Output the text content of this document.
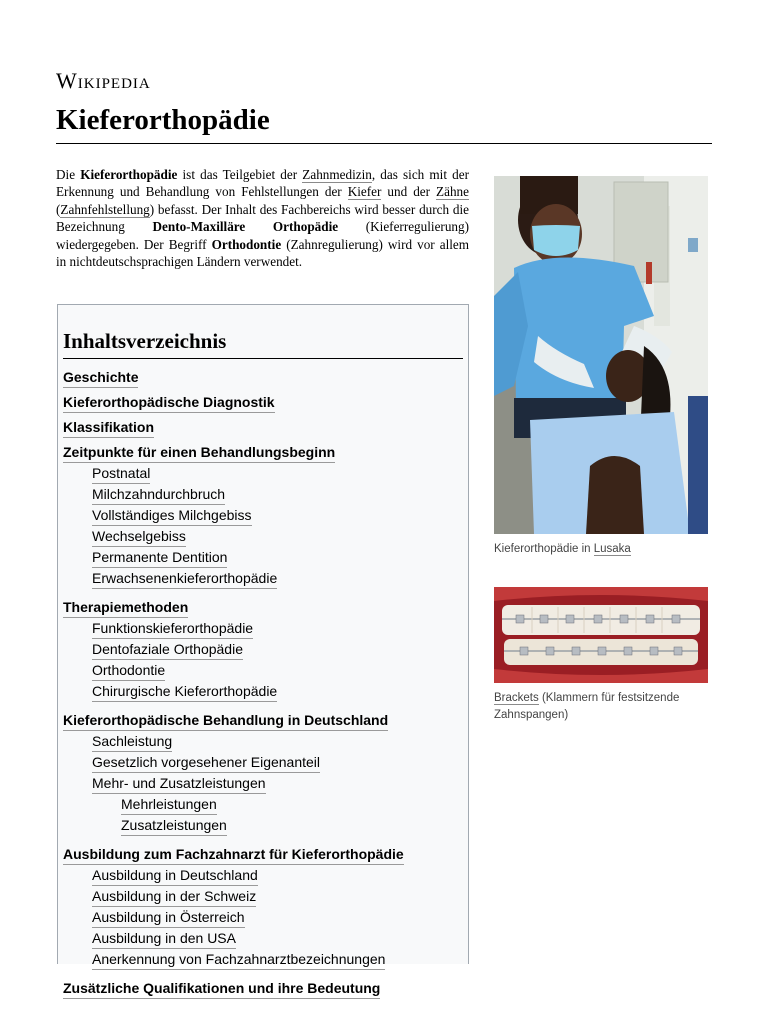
Wikipedia
Kieferorthopädie

Die Kieferorthopädie ist das Teilgebiet der Zahnmedizin, das sich mit der Erkennung und Behandlung von Fehlstellungen der Kiefer und der Zähne (Zahnfehlstellung) befasst. Der Inhalt des Fachbereichs wird besser durch die Bezeichnung Dento-Maxilläre Orthopädie (Kieferregulierung) wiedergegeben. Der Begriff Orthodontie (Zahnregulierung) wird vor allem in nichtdeutschsprachigen Ländern verwendet.

Inhaltsverzeichnis
Geschichte
Kieferorthopädische Diagnostik
Klassifikation
Zeitpunkte für einen Behandlungsbeginn
Postnatal
Milchzahndurchbruch
Vollständiges Milchgebiss
Wechselgebiss
Permanente Dentition
Erwachsenenkieferorthopädie
Therapiemethoden
Funktionskieferorthopädie
Dentofaziale Orthopädie
Orthodontie
Chirurgische Kieferorthopädie
Kieferorthopädische Behandlung in Deutschland
Sachleistung
Gesetzlich vorgesehener Eigenanteil
Mehr- und Zusatzleistungen
Mehrleistungen
Zusatzleistungen
Ausbildung zum Fachzahnarzt für Kieferorthopädie
Ausbildung in Deutschland
Ausbildung in der Schweiz
Ausbildung in Österreich
Ausbildung in den USA
Anerkennung von Fachzahnarztbezeichnungen
Zusätzliche Qualifikationen und ihre Bedeutung
Kieferorthopädie in Lusaka
Brackets (Klammern für festsitzende Zahnspangen)
